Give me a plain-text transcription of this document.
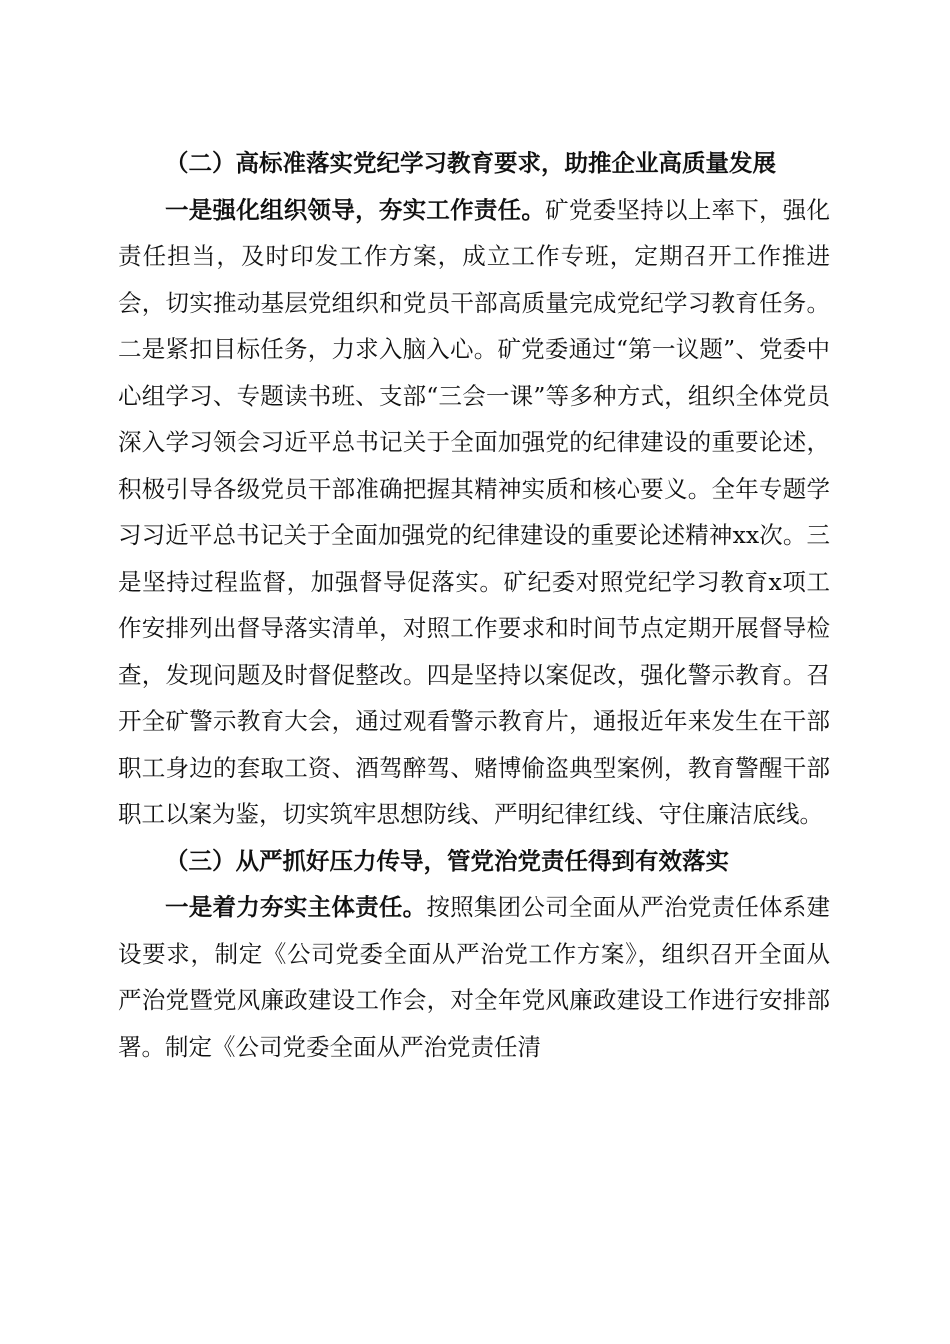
（二）高标准落实党纪学习教育要求，助推企业高质量发展

一是强化组织领导，夯实工作责任。矿党委坚持以上率下，强化责任担当，及时印发工作方案，成立工作专班，定期召开工作推进会，切实推动基层党组织和党员干部高质量完成党纪学习教育任务。二是紧扣目标任务，力求入脑入心。矿党委通过“第一议题”、党委中心组学习、专题读书班、支部“三会一课”等多种方式，组织全体党员深入学习领会习近平总书记关于全面加强党的纪律建设的重要论述，积极引导各级党员干部准确把握其精神实质和核心要义。全年专题学习习近平总书记关于全面加强党的纪律建设的重要论述精神xx次。三是坚持过程监督，加强督导促落实。矿纪委对照党纪学习教育x项工作安排列出督导落实清单，对照工作要求和时间节点定期开展督导检查，发现问题及时督促整改。四是坚持以案促改，强化警示教育。召开全矿警示教育大会，通过观看警示教育片，通报近年来发生在干部职工身边的套取工资、酒驾醉驾、赌博偷盗典型案例，教育警醒干部职工以案为鉴，切实筑牢思想防线、严明纪律红线、守住廉洁底线。

（三）从严抓好压力传导，管党治党责任得到有效落实

一是着力夯实主体责任。按照集团公司全面从严治党责任体系建设要求，制定《公司党委全面从严治党工作方案》，组织召开全面从严治党暨党风廉政建设工作会，对全年党风廉政建设工作进行安排部署。制定《公司党委全面从严治党责任清
